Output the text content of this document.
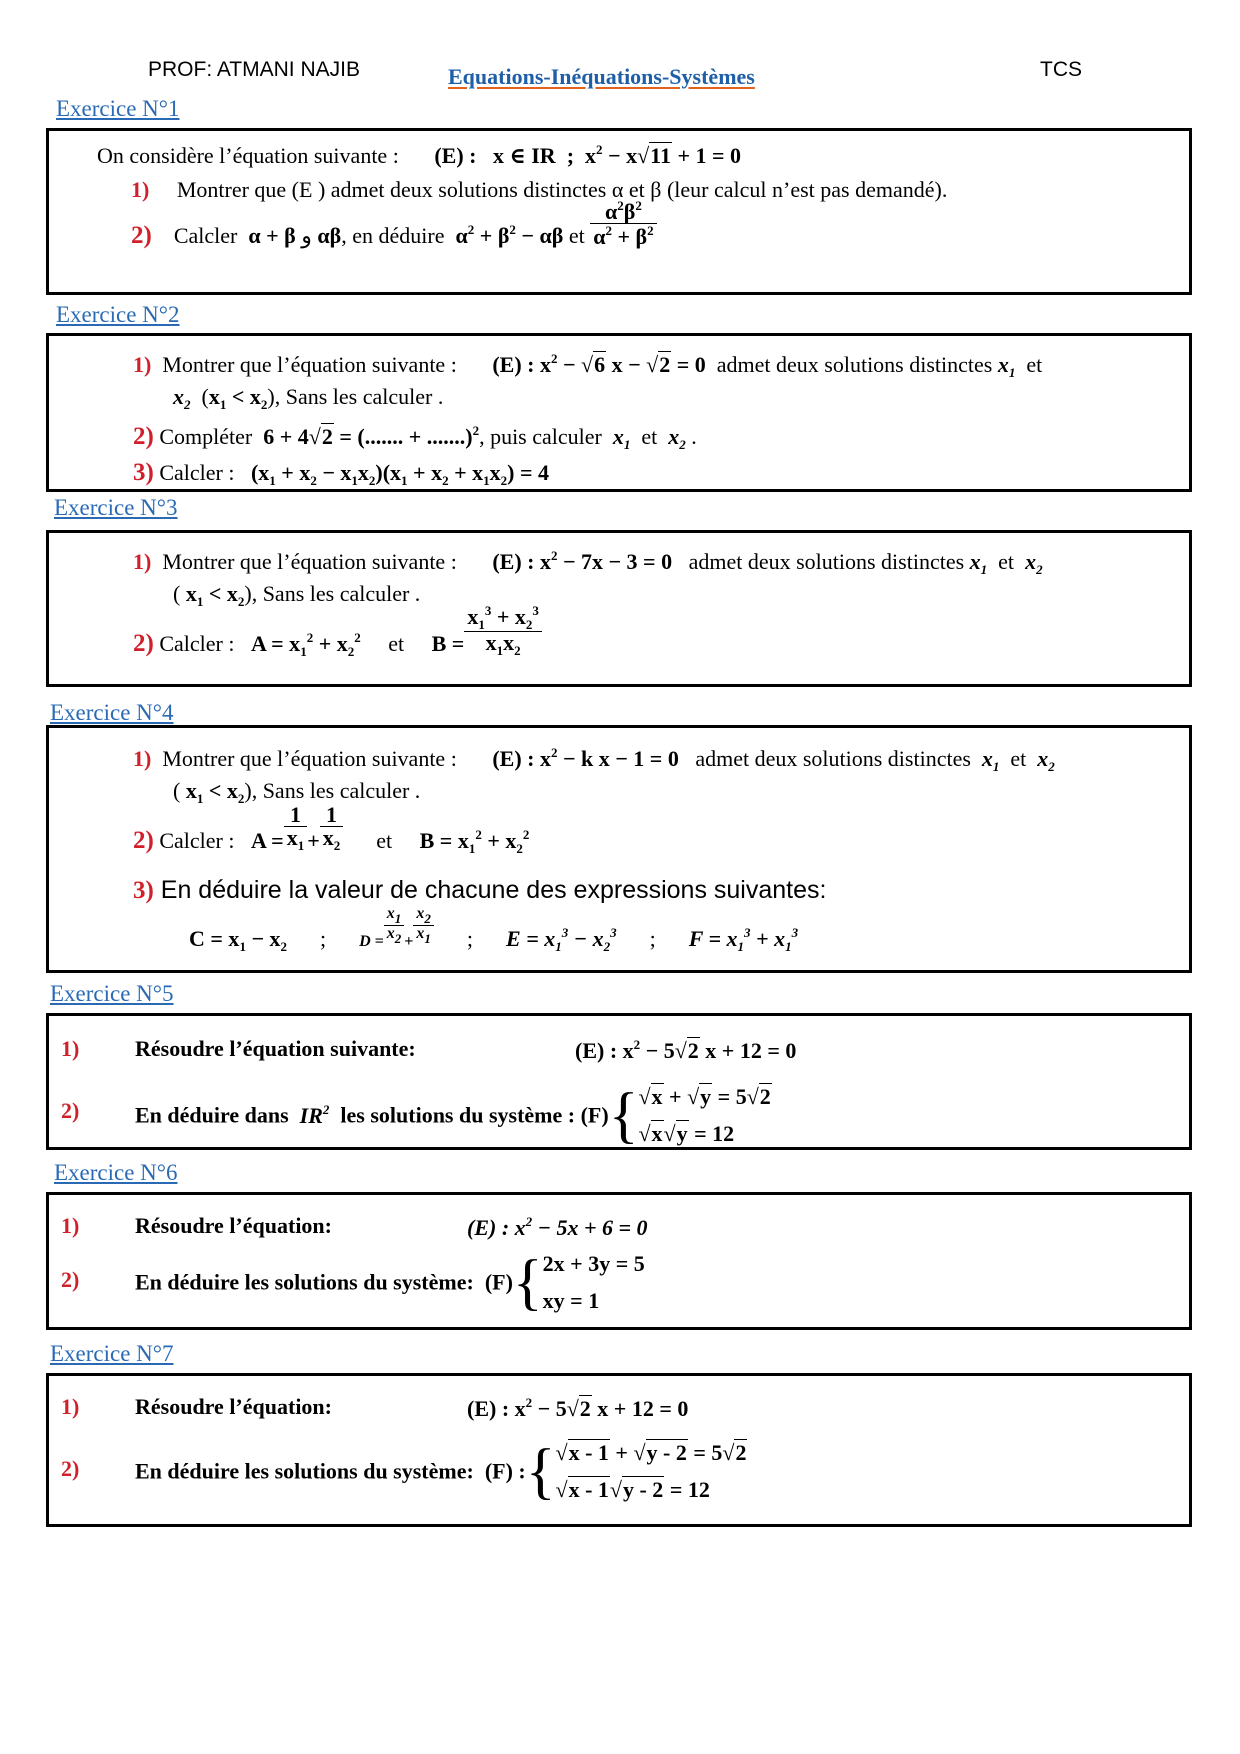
PROF: ATMANI NAJIB	Equations-Inéquations-Systèmes	TCS
Exercice N°1
On considère l’équation suivante : (E) :   x ∈ IR  ;  $x^2 - x√11 + 1 = 0$
1) Montrer que (E ) admet deux solutions distinctes α et β (leur calcul n’est pas demandé).
2) Calcler  α + β و αβ, en déduire  $\alpha^2 + \beta^2 - \alpha\beta$ et $\frac{\alpha^2\beta^2}{\alpha^2 + \beta^2}$
Exercice N°2
1) Montrer que l’équation suivante : (E) : $x^2 - √6$ x − √2 = 0 admet deux solutions distinctes $x_1$  et
$x_2$  $(x_1 < x_2)$, Sans les calculer .
2) Compléter  6 + 4√2 = (....... + .......)$^2$, puis calculer $x_1$  et  $x_2$ .
3) Calcler :   $(x_1 + x_2 - x_1x_2)(x_1 + x_2 + x_1x_2) = 4$
Exercice N°3
1) Montrer que l’équation suivante : (E) : $x^2 - 7x - 3 = 0$ admet deux solutions distinctes $x_1$  et  $x_2$
( $x_1 < x_2$), Sans les calculer .
2) Calcler :   $A = x_1^2 + x_2^2$ et $B = \frac{x_1^3 + x_2^3}{x_1x_2}$
Exercice N°4
1) Montrer que l’équation suivante : (E) : $x^2 - k$ x − 1 = 0 admet deux solutions distinctes $x_1$  et  $x_2$
( $x_1 < x_2$), Sans les calculer .
2) Calcler :   $A = \frac{1}{x_1} + \frac{1}{x_2}$ et $B = x_1^2 + x_2^2$
3) En déduire la valeur de chacune des expressions suivantes:
$C = x_1 - x_2$      ;      $D = \frac{x_1}{x_2} + \frac{x_2}{x_1}$ ;      $E = x_1^3 - x_2^3$      ;      $F = x_1^3 + x_1^3$
Exercice N°5
1)	Résoudre l’équation suivante:	(E) : $x^2 - 5√2$ x + 12 = 0
2)	En déduire dans  $IR^2$ les solutions du système : (F){√x + √y = 5√2
√x√y = 12
Exercice N°6
1)	Résoudre l’équation:	(E) : $x^2 - 5x + 6 = 0$
2)	En déduire les solutions du système:  (F){2x + 3y = 5
xy = 1
Exercice N°7
1)	Résoudre l’équation:	(E) : $x^2 - 5√2$ x + 12 = 0
2)	En déduire les solutions du système:  (F) :{√x - 1 + √y - 2 = 5√2
√x - 1√y - 2 = 12
